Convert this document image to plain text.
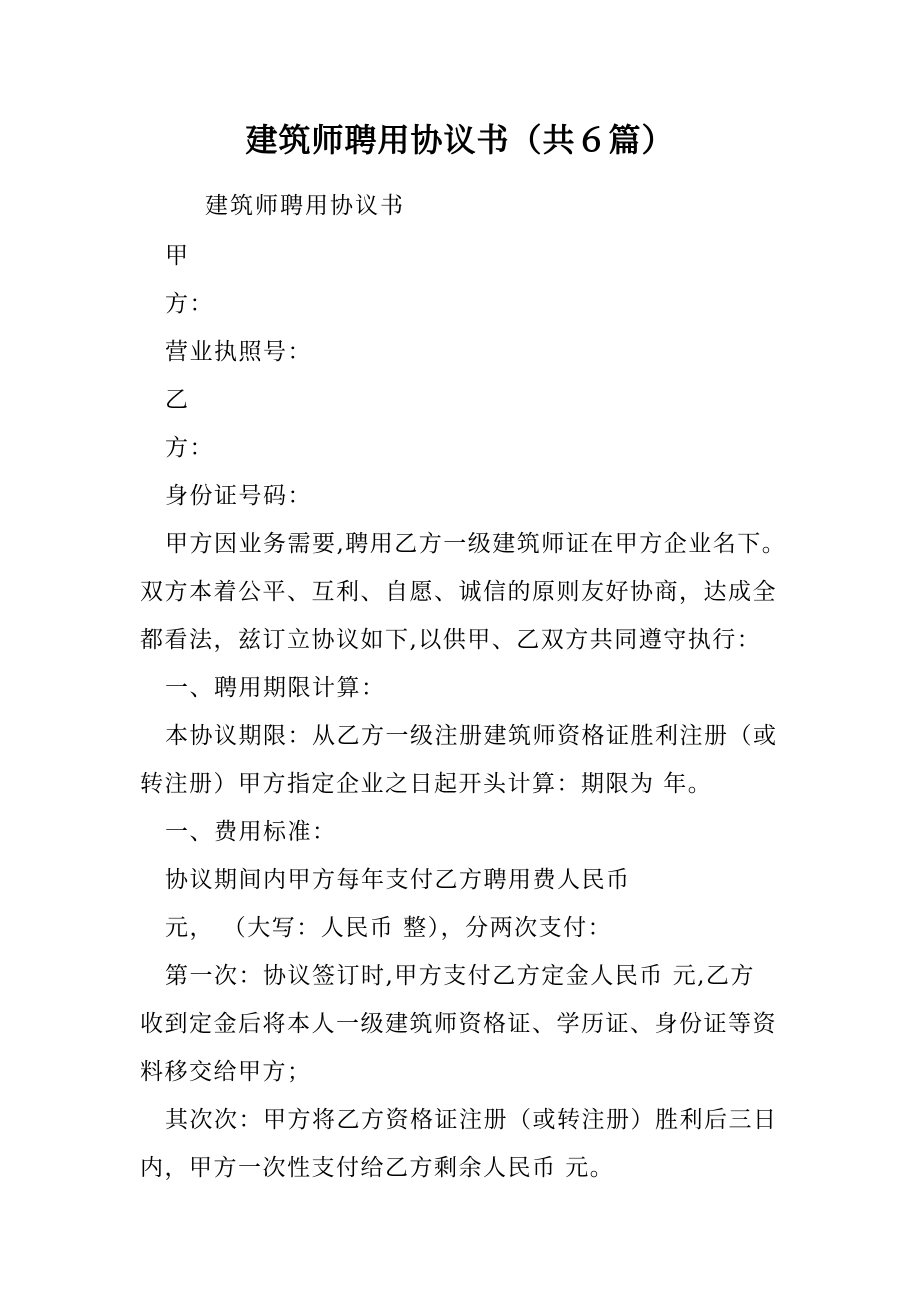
建筑师聘用协议书（共６篇）
建筑师聘用协议书
甲
方：
营业执照号：
乙
方：
身份证号码：
甲方因业务需要,聘用乙方一级建筑师证在甲方企业名下。
双方本着公平、互利、自愿、诚信的原则友好协商，达成全
都看法，兹订立协议如下,以供甲、乙双方共同遵守执行：
一、聘用期限计算：
本协议期限：从乙方一级注册建筑师资格证胜利注册（或
转注册）甲方指定企业之日起开头计算：期限为 年。
一、费用标准：
协议期间内甲方每年支付乙方聘用费人民币
元， （大写：人民币 整），分两次支付：
第一次：协议签订时,甲方支付乙方定金人民币 元,乙方
收到定金后将本人一级建筑师资格证、学历证、身份证等资
料移交给甲方；
其次次：甲方将乙方资格证注册（或转注册）胜利后三日
内，甲方一次性支付给乙方剩余人民币 元。
